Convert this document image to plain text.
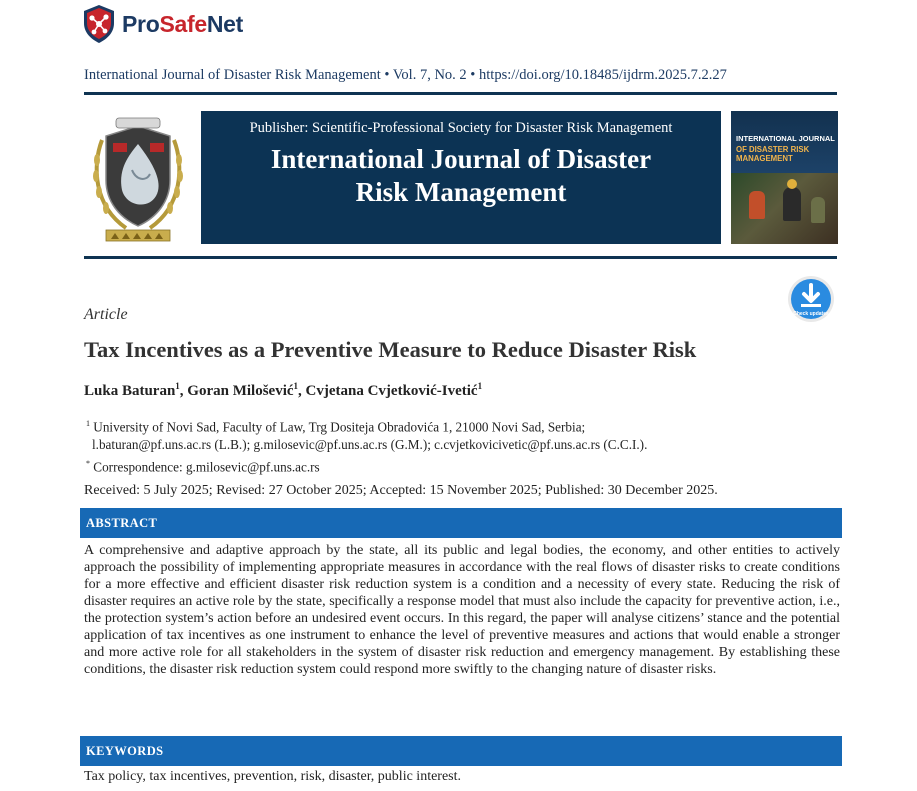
ProSafeNet
International Journal of Disaster Risk Management • Vol. 7, No. 2 • https://doi.org/10.18485/ijdrm.2025.7.2.27
Publisher: Scientific-Professional Society for Disaster Risk Management
International Journal of Disaster
Risk Management
INTERNATIONAL JOURNAL
OF DISASTER RISK
MANAGEMENT
Check updates
Article
Tax Incentives as a Preventive Measure to Reduce Disaster Risk
Luka Baturan$^1$, Goran Milošević$^1$, Cvjetana Cvjetković-Ivetić$^1$
$^1$ University of Novi Sad, Faculty of Law, Trg Dositeja Obradovića 1, 21000 Novi Sad, Serbia;
l.baturan@pf.uns.ac.rs (L.B.); g.milosevic@pf.uns.ac.rs (G.M.); c.cvjetkovicivetic@pf.uns.ac.rs (C.C.I.).
* Correspondence: g.milosevic@pf.uns.ac.rs
Received: 5 July 2025; Revised: 27 October 2025; Accepted: 15 November 2025; Published: 30 December 2025.
ABSTRACT
A comprehensive and adaptive approach by the state, all its public and legal bodies, the economy, and other entities to actively approach the possibility of implementing appropriate measures in accordance with the real flows of disaster risks to create conditions for a more effective and efficient disaster risk reduction system is a condition and a necessity of every state. Reducing the risk of disaster requires an active role by the state, specifically a response model that must also include the capacity for preventive action, i.e., the protection system’s action before an undesired event occurs. In this regard, the paper will analyse citizens’ stance and the potential application of tax incentives as one instrument to enhance the level of preventive measures and actions that would enable a stronger and more active role for all stakeholders in the system of disaster risk reduction and emergency management. By establishing these conditions, the disaster risk reduction system could respond more swiftly to the changing nature of disaster risks.
KEYWORDS
Tax policy, tax incentives, prevention, risk, disaster, public interest.
